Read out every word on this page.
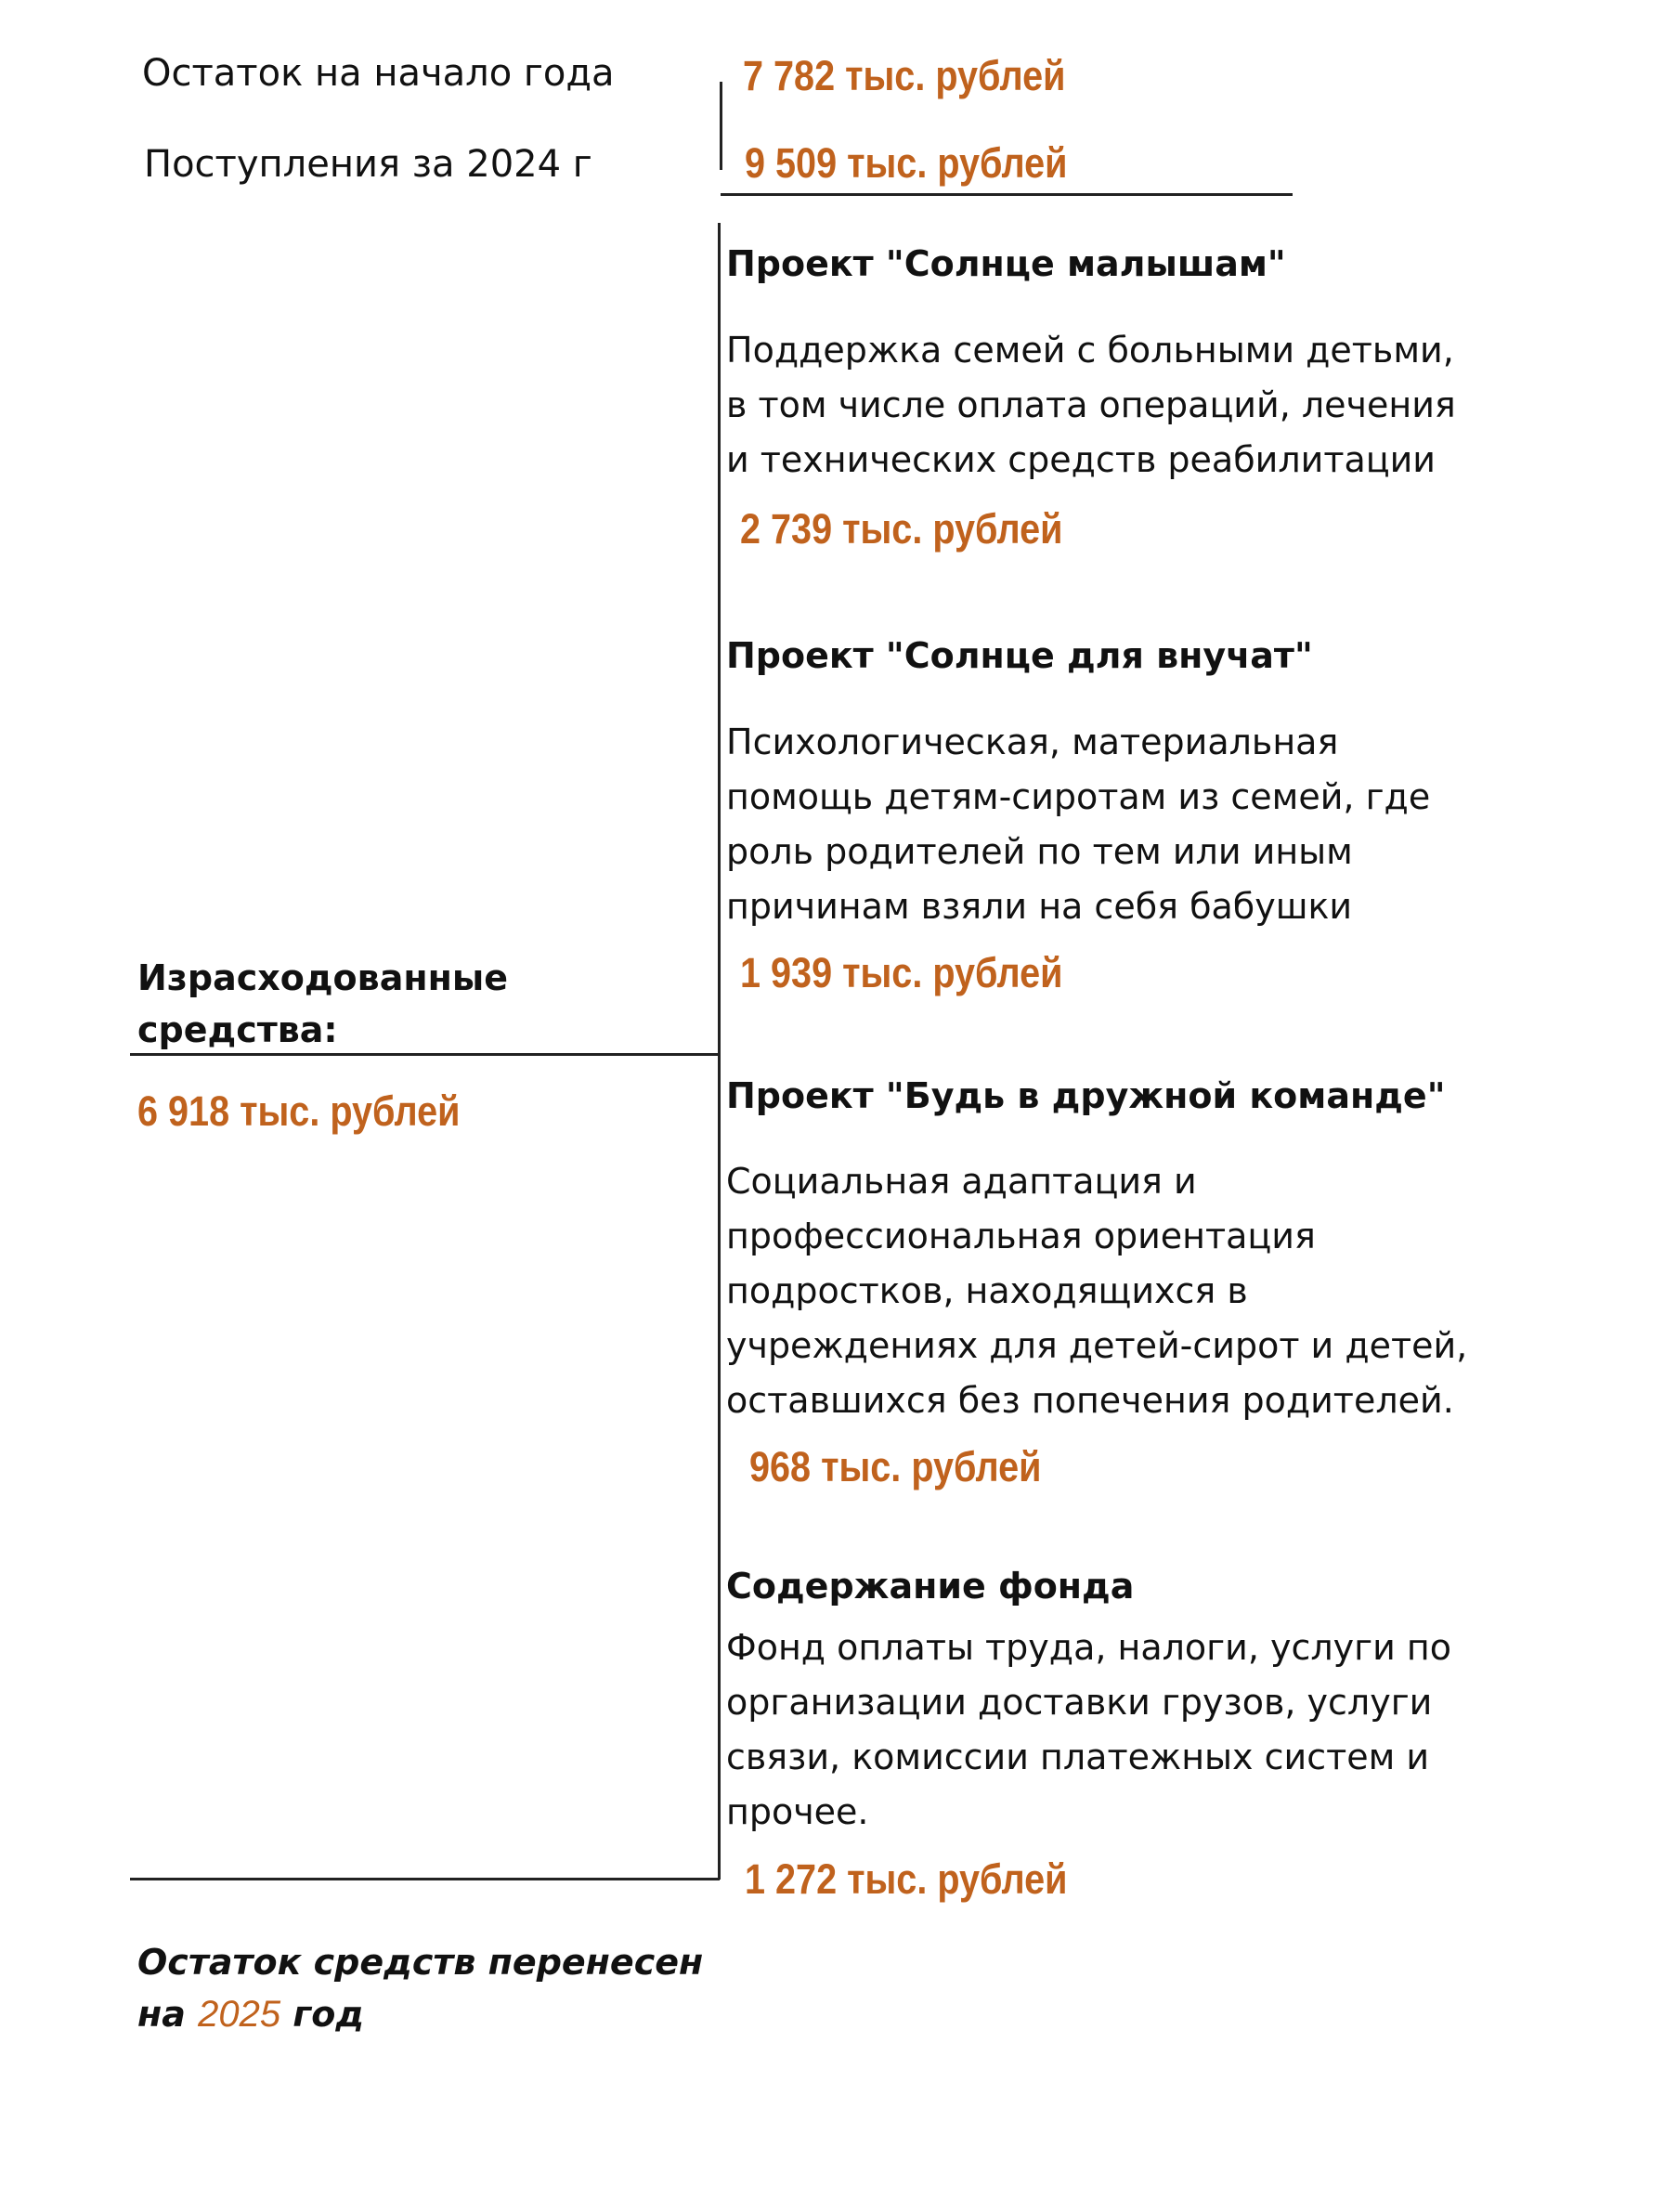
Остаток на начало года	7 782 тыс. рублей
Поступления за 2024 г	9 509 тыс. рублей
Израсходованные
средства:
6 918 тыс. рублей
Проект "Солнце малышам"
Поддержка семей с больными детьми,
в том числе оплата операций, лечения
и технических средств реабилитации
2 739 тыс. рублей
Проект "Солнце для внучат"
Психологическая, материальная
помощь детям-сиротам из семей, где
роль родителей по тем или иным
причинам взяли на себя бабушки
1 939 тыс. рублей
Проект "Будь в дружной команде"
Социальная адаптация и
профессиональная ориентация
подростков, находящихся в
учреждениях для детей-сирот и детей,
оставшихся без попечения родителей.
968 тыс. рублей
Содержание фонда
Фонд оплаты труда, налоги, услуги по
организации доставки грузов, услуги
связи, комиссии платежных систем и
прочее.
1 272 тыс. рублей
Остаток средств перенесен
на 2025 год
